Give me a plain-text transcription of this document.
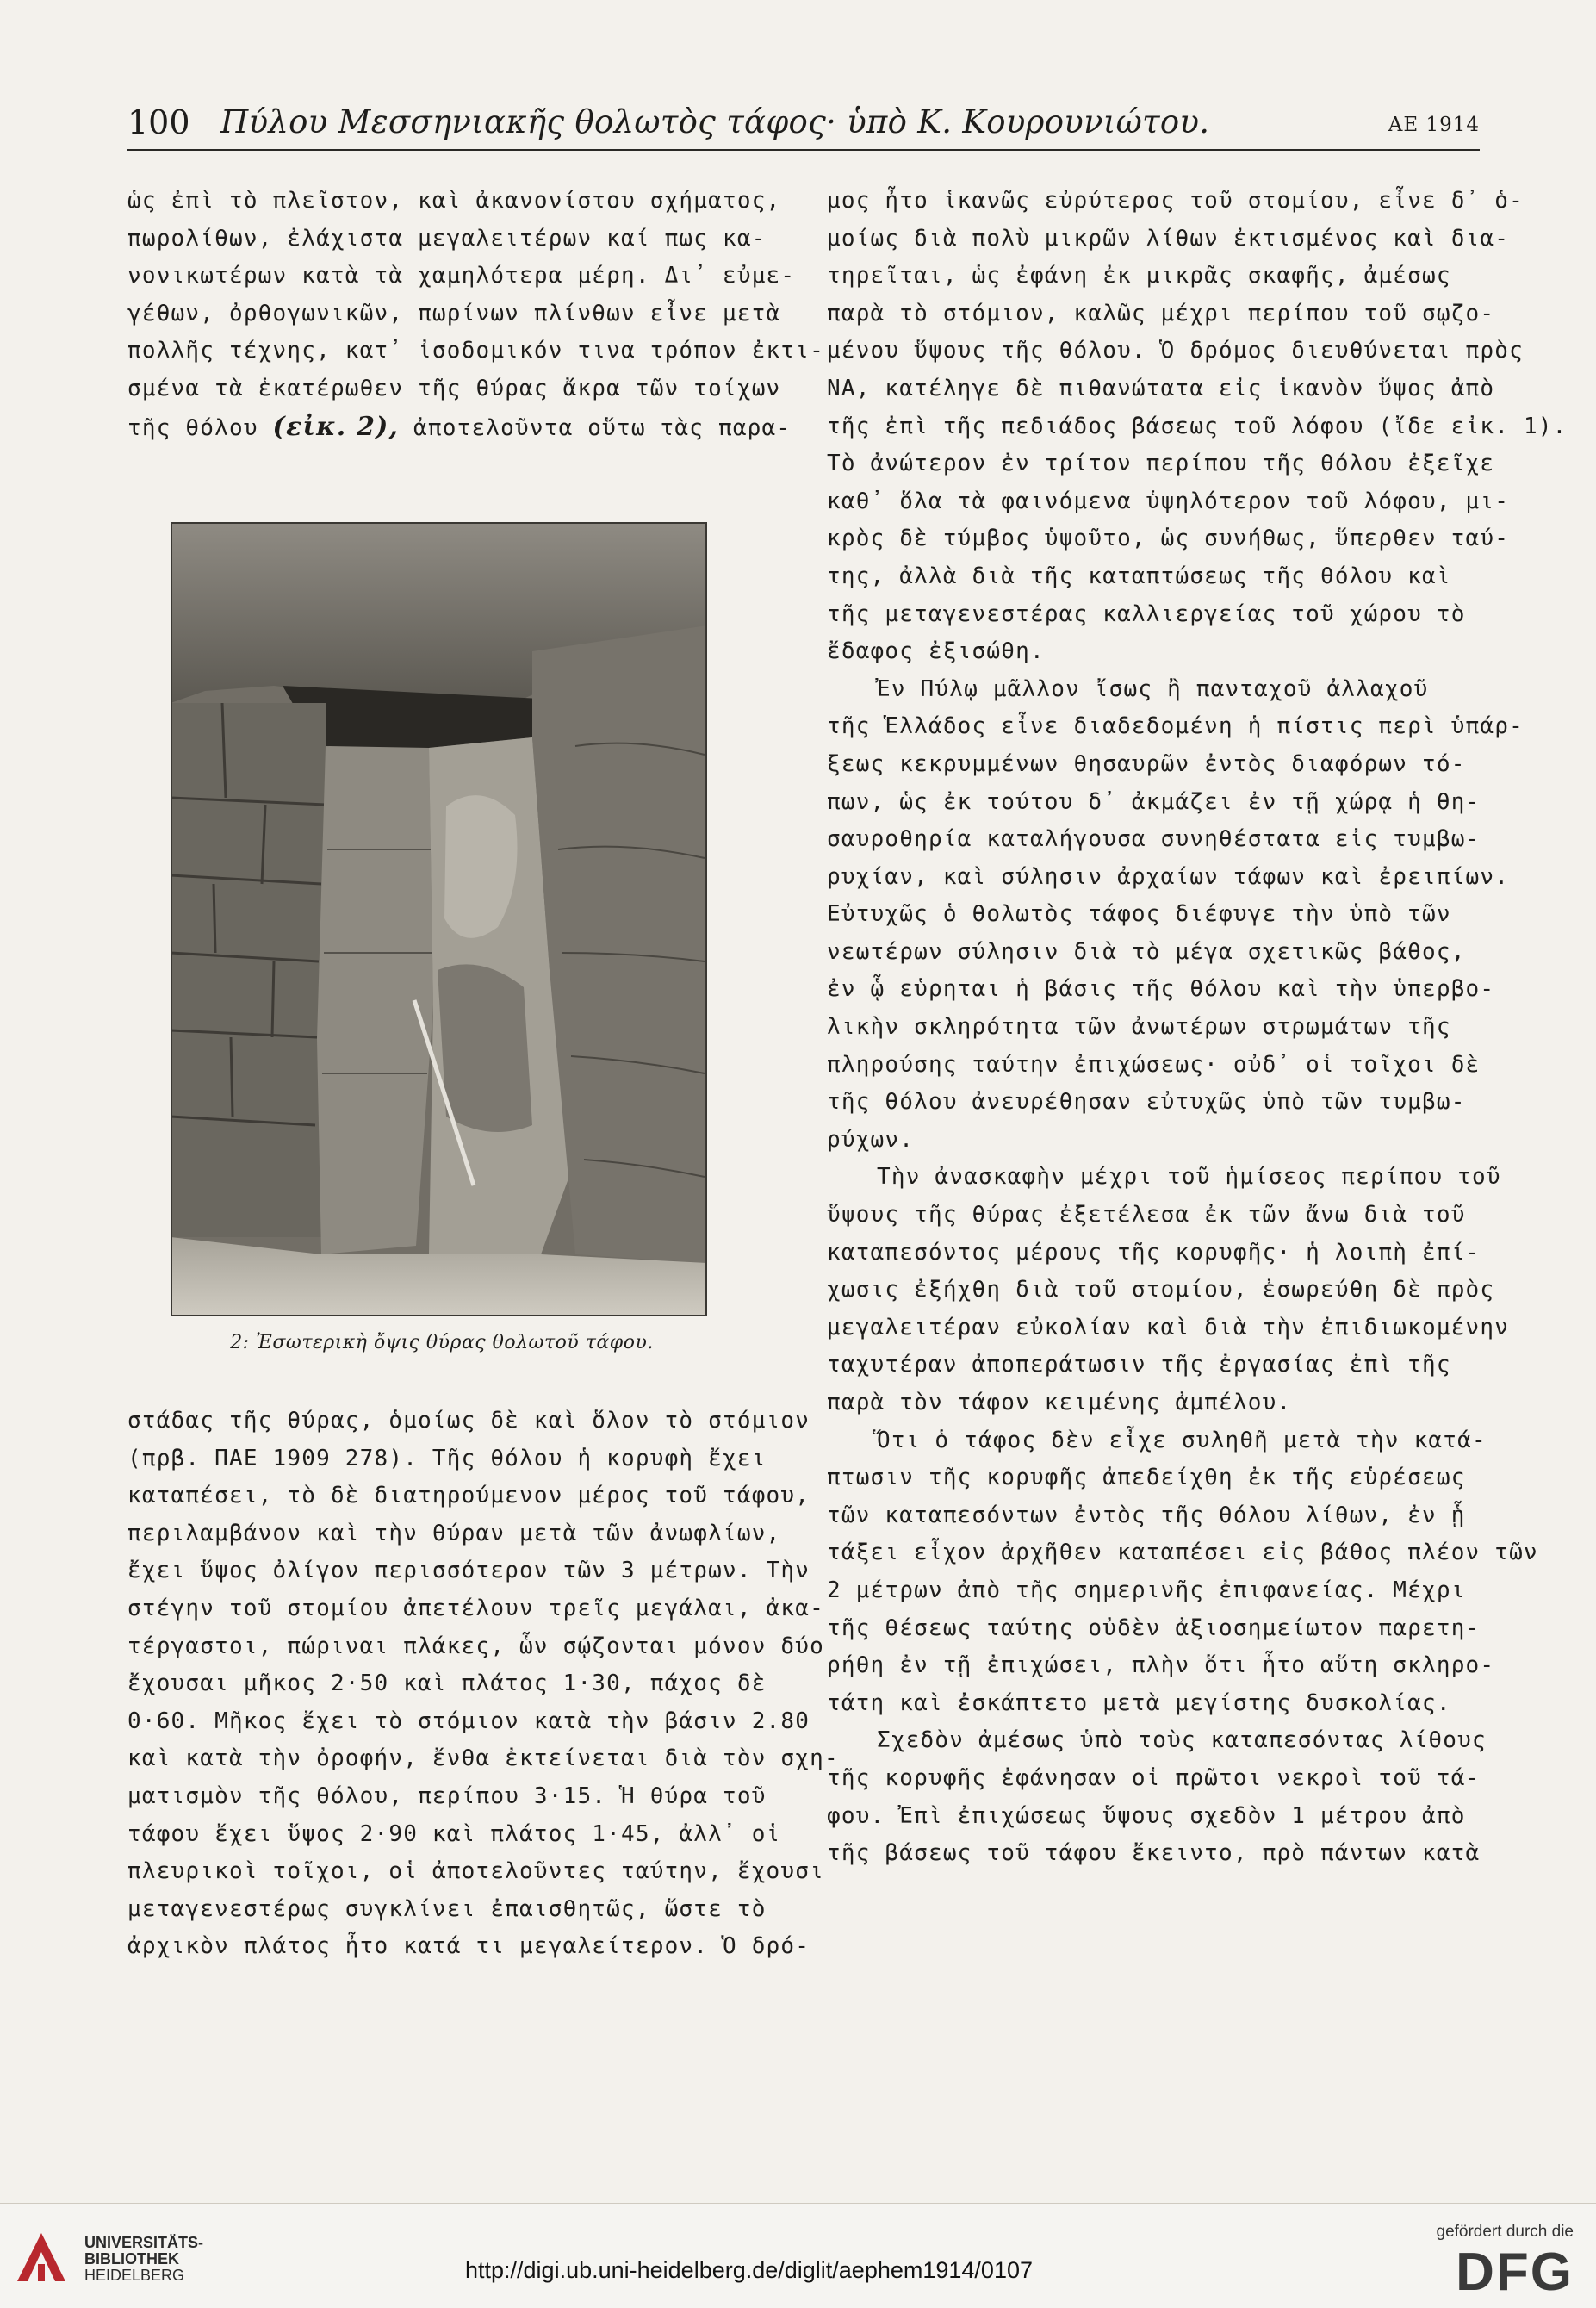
100 Πύλου Μεσσηνιακῆς θολωτὸς τάφος· ὑπὸ Κ. Κουρουνιώτου.	ΑΕ 1914
ὡς ἐπὶ τὸ πλεῖστον, καὶ ἀκανονίστου σχήματος,
πωρολίθων, ἐλάχιστα μεγαλειτέρων καί πως κα-
νονικωτέρων κατὰ τὰ χαμηλότερα μέρη. Δι᾽ εὐμε-
γέθων, ὀρθογωνικῶν, πωρίνων πλίνθων εἶνε μετὰ
πολλῆς τέχνης, κατ᾽ ἰσοδομικόν τινα τρόπον ἐκτι-
σμένα τὰ ἑκατέρωθεν τῆς θύρας ἄκρα τῶν τοίχων
τῆς θόλου (εἰκ. 2), ἀποτελοῦντα οὕτω τὰς παρα-
2: Ἐσωτερικὴ ὄψις θύρας θολωτοῦ τάφου.
στάδας τῆς θύρας, ὁμοίως δὲ καὶ ὅλον τὸ στόμιον
(πρβ. ΠΑΕ 1909 278). Τῆς θόλου ἡ κορυφὴ ἔχει
καταπέσει, τὸ δὲ διατηρούμενον μέρος τοῦ τάφου,
περιλαμβάνον καὶ τὴν θύραν μετὰ τῶν ἀνωφλίων,
ἔχει ὕψος ὀλίγον περισσότερον τῶν 3 μέτρων. Τὴν
στέγην τοῦ στομίου ἀπετέλουν τρεῖς μεγάλαι, ἀκα-
τέργαστοι, πώριναι πλάκες, ὧν σῴζονται μόνον δύο
ἔχουσαι μῆκος 2·50 καὶ πλάτος 1·30, πάχος δὲ
0·60. Μῆκος ἔχει τὸ στόμιον κατὰ τὴν βάσιν 2.80
καὶ κατὰ τὴν ὀροφήν, ἔνθα ἐκτείνεται διὰ τὸν σχη-
ματισμὸν τῆς θόλου, περίπου 3·15. Ἡ θύρα τοῦ
τάφου ἔχει ὕψος 2·90 καὶ πλάτος 1·45, ἀλλ᾽ οἱ
πλευρικοὶ τοῖχοι, οἱ ἀποτελοῦντες ταύτην, ἔχουσι
μεταγενεστέρως συγκλίνει ἐπαισθητῶς, ὥστε τὸ
ἀρχικὸν πλάτος ἦτο κατά τι μεγαλείτερον. Ὁ δρό-
μος ἦτο ἱκανῶς εὐρύτερος τοῦ στομίου, εἶνε δ᾽ ὁ-
μοίως διὰ πολὺ μικρῶν λίθων ἐκτισμένος καὶ δια-
τηρεῖται, ὡς ἐφάνη ἐκ μικρᾶς σκαφῆς, ἀμέσως
παρὰ τὸ στόμιον, καλῶς μέχρι περίπου τοῦ σῳζο-
μένου ὕψους τῆς θόλου. Ὁ δρόμος διευθύνεται πρὸς
ΝΑ, κατέληγε δὲ πιθανώτατα εἰς ἱκανὸν ὕψος ἀπὸ
τῆς ἐπὶ τῆς πεδιάδος βάσεως τοῦ λόφου (ἴδε εἰκ. 1).
Τὸ ἀνώτερον ἐν τρίτον περίπου τῆς θόλου ἐξεῖχε
καθ᾽ ὅλα τὰ φαινόμενα ὑψηλότερον τοῦ λόφου, μι-
κρὸς δὲ τύμβος ὑψοῦτο, ὡς συνήθως, ὕπερθεν ταύ-
της, ἀλλὰ διὰ τῆς καταπτώσεως τῆς θόλου καὶ
τῆς μεταγενεστέρας καλλιεργείας τοῦ χώρου τὸ
ἔδαφος ἐξισώθη.
Ἐν Πύλῳ μᾶλλον ἴσως ἢ πανταχοῦ ἀλλαχοῦ
τῆς Ἑλλάδος εἶνε διαδεδομένη ἡ πίστις περὶ ὑπάρ-
ξεως κεκρυμμένων θησαυρῶν ἐντὸς διαφόρων τό-
πων, ὡς ἐκ τούτου δ᾽ ἀκμάζει ἐν τῇ χώρᾳ ἡ θη-
σαυροθηρία καταλήγουσα συνηθέστατα εἰς τυμβω-
ρυχίαν, καὶ σύλησιν ἀρχαίων τάφων καὶ ἐρειπίων.
Εὐτυχῶς ὁ θολωτὸς τάφος διέφυγε τὴν ὑπὸ τῶν
νεωτέρων σύλησιν διὰ τὸ μέγα σχετικῶς βάθος,
ἐν ᾧ εὑρηται ἡ βάσις τῆς θόλου καὶ τὴν ὑπερβο-
λικὴν σκληρότητα τῶν ἀνωτέρων στρωμάτων τῆς
πληρούσης ταύτην ἐπιχώσεως· οὐδ᾽ οἱ τοῖχοι δὲ
τῆς θόλου ἀνευρέθησαν εὐτυχῶς ὑπὸ τῶν τυμβω-
ρύχων.
Τὴν ἀνασκαφὴν μέχρι τοῦ ἡμίσεος περίπου τοῦ
ὕψους τῆς θύρας ἐξετέλεσα ἐκ τῶν ἄνω διὰ τοῦ
καταπεσόντος μέρους τῆς κορυφῆς· ἡ λοιπὴ ἐπί-
χωσις ἐξήχθη διὰ τοῦ στομίου, ἐσωρεύθη δὲ πρὸς
μεγαλειτέραν εὐκολίαν καὶ διὰ τὴν ἐπιδιωκομένην
ταχυτέραν ἀποπεράτωσιν τῆς ἐργασίας ἐπὶ τῆς
παρὰ τὸν τάφον κειμένης ἀμπέλου.
Ὅτι ὁ τάφος δὲν εἶχε συληθῆ μετὰ τὴν κατά-
πτωσιν τῆς κορυφῆς ἀπεδείχθη ἐκ τῆς εὑρέσεως
τῶν καταπεσόντων ἐντὸς τῆς θόλου λίθων, ἐν ᾗ
τάξει εἶχον ἀρχῆθεν καταπέσει εἰς βάθος πλέον τῶν
2 μέτρων ἀπὸ τῆς σημερινῆς ἐπιφανείας. Μέχρι
τῆς θέσεως ταύτης οὐδὲν ἀξιοσημείωτον παρετη-
ρήθη ἐν τῇ ἐπιχώσει, πλὴν ὅτι ἦτο αὕτη σκληρο-
τάτη καὶ ἐσκάπτετο μετὰ μεγίστης δυσκολίας.
Σχεδὸν ἀμέσως ὑπὸ τοὺς καταπεσόντας λίθους
τῆς κορυφῆς ἐφάνησαν οἱ πρῶτοι νεκροὶ τοῦ τά-
φου. Ἐπὶ ἐπιχώσεως ὕψους σχεδὸν 1 μέτρου ἀπὸ
τῆς βάσεως τοῦ τάφου ἔκειντο, πρὸ πάντων κατὰ
UNIVERSITÄTS-
BIBLIOTHEK
HEIDELBERG	http://digi.ub.uni-heidelberg.de/diglit/aephem1914/0107
gefördert durch die
DFG
